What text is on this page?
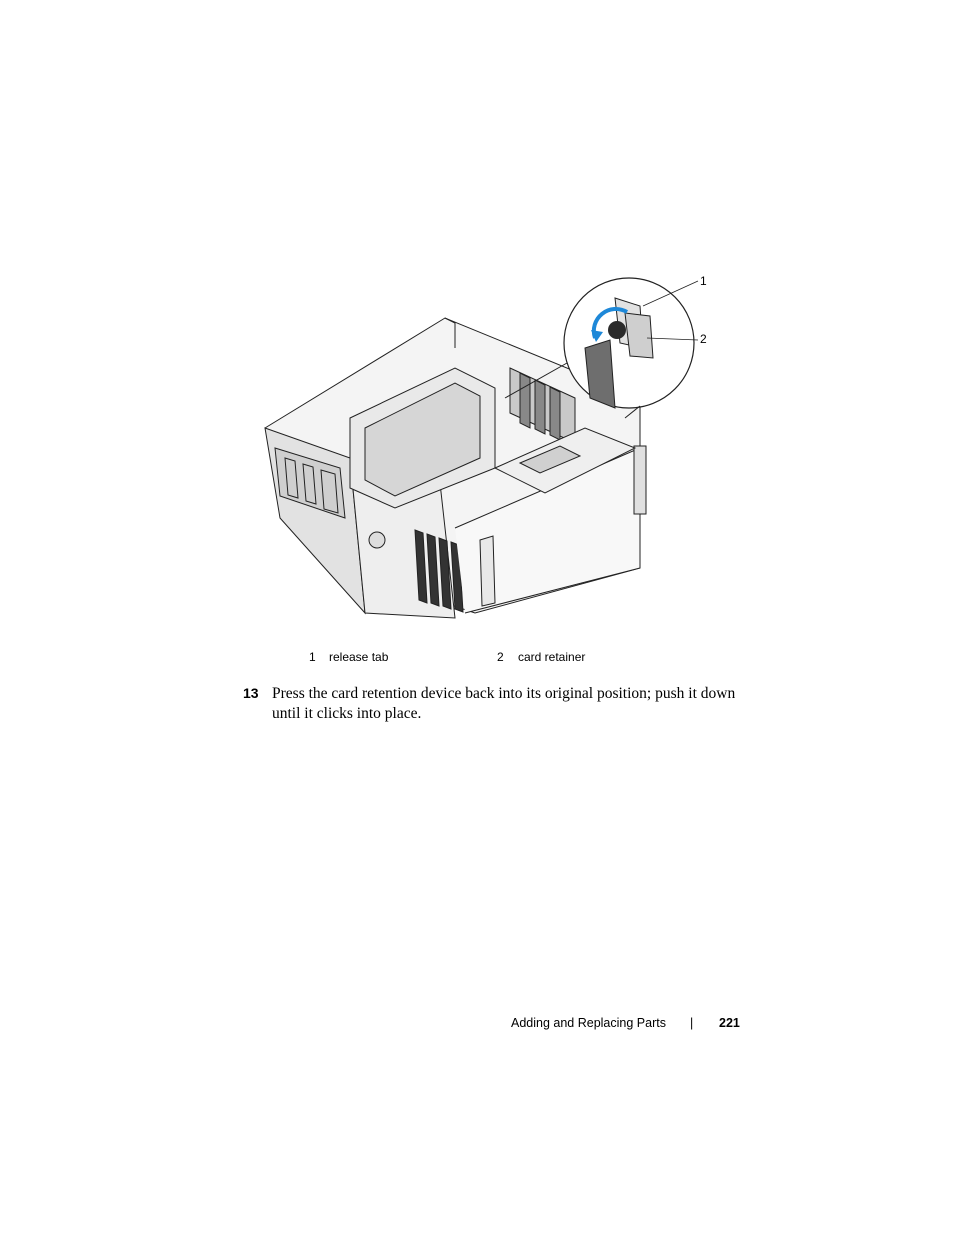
1
2
1 release tab	2 card retainer
13 Press the card retention device back into its original position; push it down until it clicks into place.
Adding and Replacing Parts | 221
